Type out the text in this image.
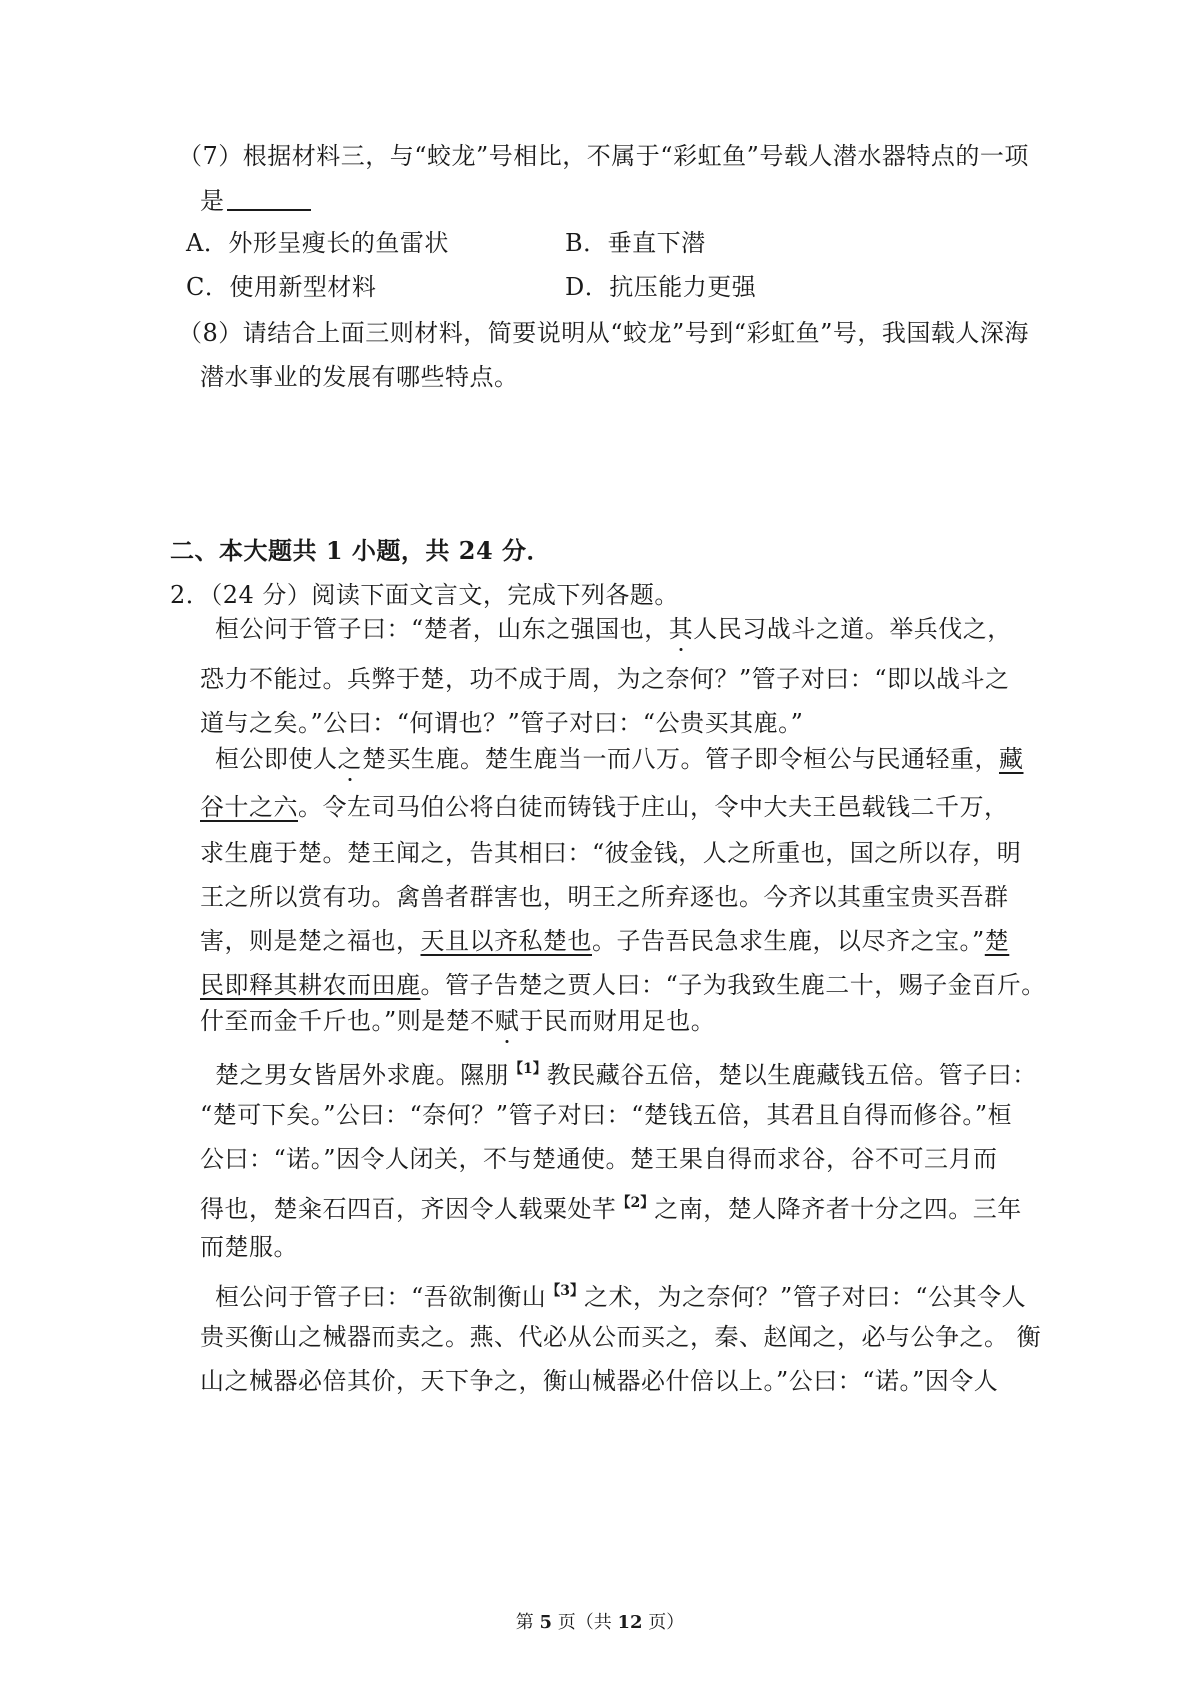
（7）根据材料三，与“蛟龙”号相比，不属于“彩虹鱼”号载人潜水器特点的一项
是
A．外形呈瘦长的鱼雷状	B．垂直下潜
C．使用新型材料	D．抗压能力更强
（8）请结合上面三则材料，简要说明从“蛟龙”号到“彩虹鱼”号，我国载人深海
潜水事业的发展有哪些特点。
二、本大题共 1 小题，共 24 分．
2．（24 分）阅读下面文言文，完成下列各题。
桓公问于管子曰：“楚者，山东之强国也，其人民习战斗之道。举兵伐之，
恐力不能过。兵弊于楚，功不成于周，为之奈何？”管子对曰：“即以战斗之
道与之矣。”公曰：“何谓也？”管子对曰：“公贵买其鹿。”
桓公即使人之楚买生鹿。楚生鹿当一而八万。管子即令桓公与民通轻重，藏
谷十之六。令左司马伯公将白徒而铸钱于庄山，令中大夫王邑载钱二千万，
求生鹿于楚。楚王闻之，告其相曰：“彼金钱，人之所重也，国之所以存，明
王之所以赏有功。禽兽者群害也，明王之所弃逐也。今齐以其重宝贵买吾群
害，则是楚之福也，天且以齐私楚也。子告吾民急求生鹿，以尽齐之宝。”楚
民即释其耕农而田鹿。管子告楚之贾人曰：“子为我致生鹿二十，赐子金百斤。
什至而金千斤也。”则是楚不赋于民而财用足也。
楚之男女皆居外求鹿。隰朋$^{【1】}$教民藏谷五倍，楚以生鹿藏钱五倍。管子曰：
“楚可下矣。”公曰：“奈何？”管子对曰：“楚钱五倍，其君且自得而修谷。”桓
公曰：“诺。”因令人闭关，不与楚通使。楚王果自得而求谷，谷不可三月而
得也，楚籴石四百，齐因令人载粟处芊$^{【2】}$之南，楚人降齐者十分之四。三年
而楚服。
桓公问于管子曰：“吾欲制衡山$^{【3】}$之术，为之奈何？”管子对曰：“公其令人
贵买衡山之械器而卖之。燕、代必从公而买之，秦、赵闻之，必与公争之。 衡
山之械器必倍其价，天下争之，衡山械器必什倍以上。”公曰：“诺。”因令人
第 5 页（共 12 页）
